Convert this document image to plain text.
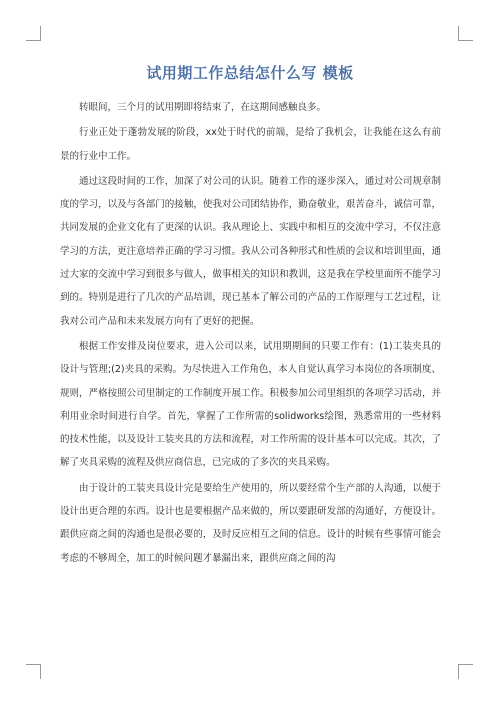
试用期工作总结怎什么写 模板

转眼间，三个月的试用期即将结束了，在这期间感触良多。

行业正处于蓬勃发展的阶段，xx处于时代的前端，是给了我机会，让我能在这么有前景的行业中工作。

通过这段时间的工作，加深了对公司的认识。随着工作的逐步深入，通过对公司规章制度的学习，以及与各部门的接触，使我对公司团结协作，勤奋敬业，艰苦奋斗，诚信可靠，共同发展的企业文化有了更深的认识。我从理论上、实践中和相互的交流中学习，不仅注意学习的方法，更注意培养正确的学习习惯。我从公司各种形式和性质的会议和培训里面，通过大家的交流中学习到很多与做人，做事相关的知识和教训，这是我在学校里面所不能学习到的。特别是进行了几次的产品培训，现已基本了解公司的产品的工作原理与工艺过程，让我对公司产品和未来发展方向有了更好的把握。

根据工作安排及岗位要求，进入公司以来，试用期期间的只要工作有：(1)工装夹具的设计与管理;(2)夹具的采购。为尽快进入工作角色，本人自觉认真学习本岗位的各项制度、规则，严格按照公司里制定的工作制度开展工作。积极参加公司里组织的各项学习活动，并利用业余时间进行自学。首先，掌握了工作所需的solidworks绘图，熟悉常用的一些材料的技术性能，以及设计工装夹具的方法和流程，对工作所需的设计基本可以完成。其次，了解了夹具采购的流程及供应商信息，已完成的了多次的夹具采购。

由于设计的工装夹具设计完是要给生产使用的，所以要经常个生产部的人沟通，以便于设计出更合理的东西。设计也是要根据产品来做的，所以要跟研发部的沟通好，方便设计。跟供应商之间的沟通也是很必要的，及时反应相互之间的信息。设计的时候有些事情可能会考虑的不够周全，加工的时候问题才暴漏出来，跟供应商之间的沟
